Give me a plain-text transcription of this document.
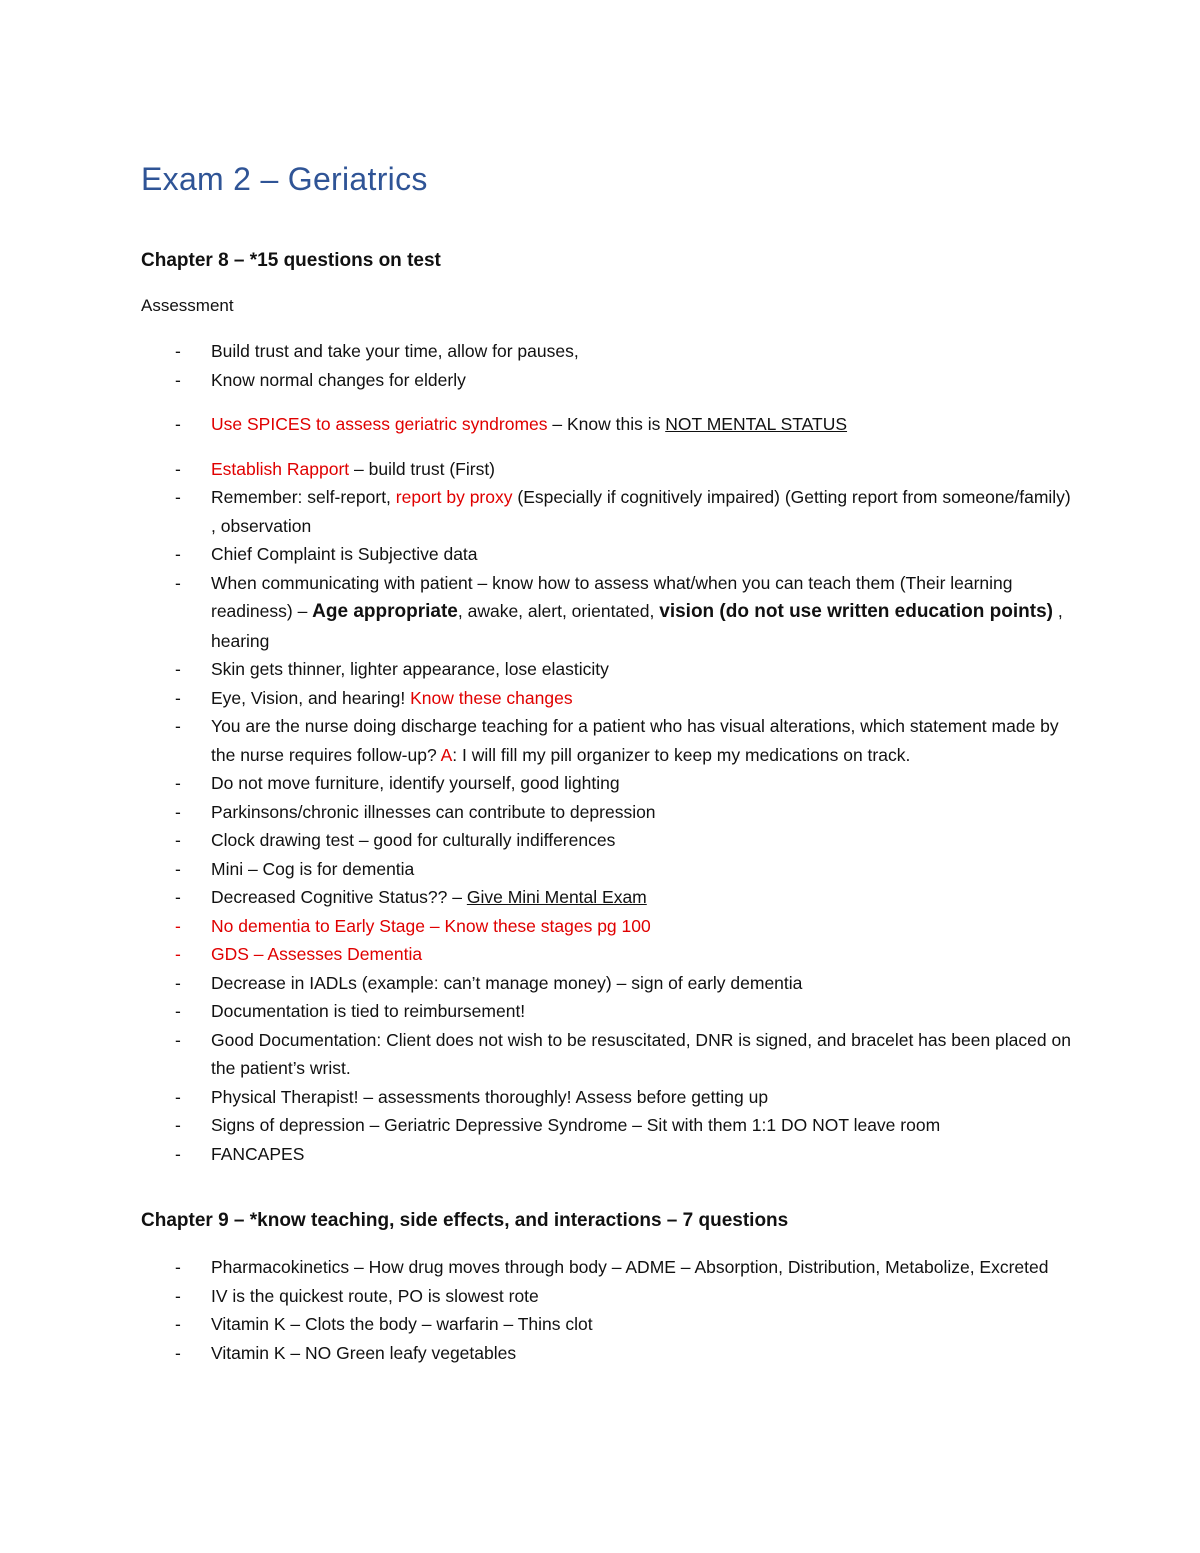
Exam 2 – Geriatrics
Chapter 8 – *15 questions on test
Assessment
- Build trust and take your time, allow for pauses,
- Know normal changes for elderly
- Use SPICES to assess geriatric syndromes – Know this is NOT MENTAL STATUS
- Establish Rapport – build trust (First)
- Remember: self-report, report by proxy (Especially if cognitively impaired) (Getting report from someone/family) , observation
- Chief Complaint is Subjective data
- When communicating with patient – know how to assess what/when you can teach them (Their learning readiness) – Age appropriate, awake, alert, orientated, vision (do not use written education points) , hearing
- Skin gets thinner, lighter appearance, lose elasticity
- Eye, Vision, and hearing! Know these changes
- You are the nurse doing discharge teaching for a patient who has visual alterations, which statement made by the nurse requires follow-up? A: I will fill my pill organizer to keep my medications on track.
- Do not move furniture, identify yourself, good lighting
- Parkinsons/chronic illnesses can contribute to depression
- Clock drawing test – good for culturally indifferences
- Mini – Cog is for dementia
- Decreased Cognitive Status?? – Give Mini Mental Exam
- No dementia to Early Stage – Know these stages pg 100
- GDS – Assesses Dementia
- Decrease in IADLs (example: can’t manage money) – sign of early dementia
- Documentation is tied to reimbursement!
- Good Documentation: Client does not wish to be resuscitated, DNR is signed, and bracelet has been placed on the patient’s wrist.
- Physical Therapist! – assessments thoroughly! Assess before getting up
- Signs of depression – Geriatric Depressive Syndrome – Sit with them 1:1 DO NOT leave room
- FANCAPES
Chapter 9 – *know teaching, side effects, and interactions – 7 questions
- Pharmacokinetics – How drug moves through body – ADME – Absorption, Distribution, Metabolize, Excreted
- IV is the quickest route, PO is slowest rote
- Vitamin K – Clots the body – warfarin – Thins clot
- Vitamin K – NO Green leafy vegetables
